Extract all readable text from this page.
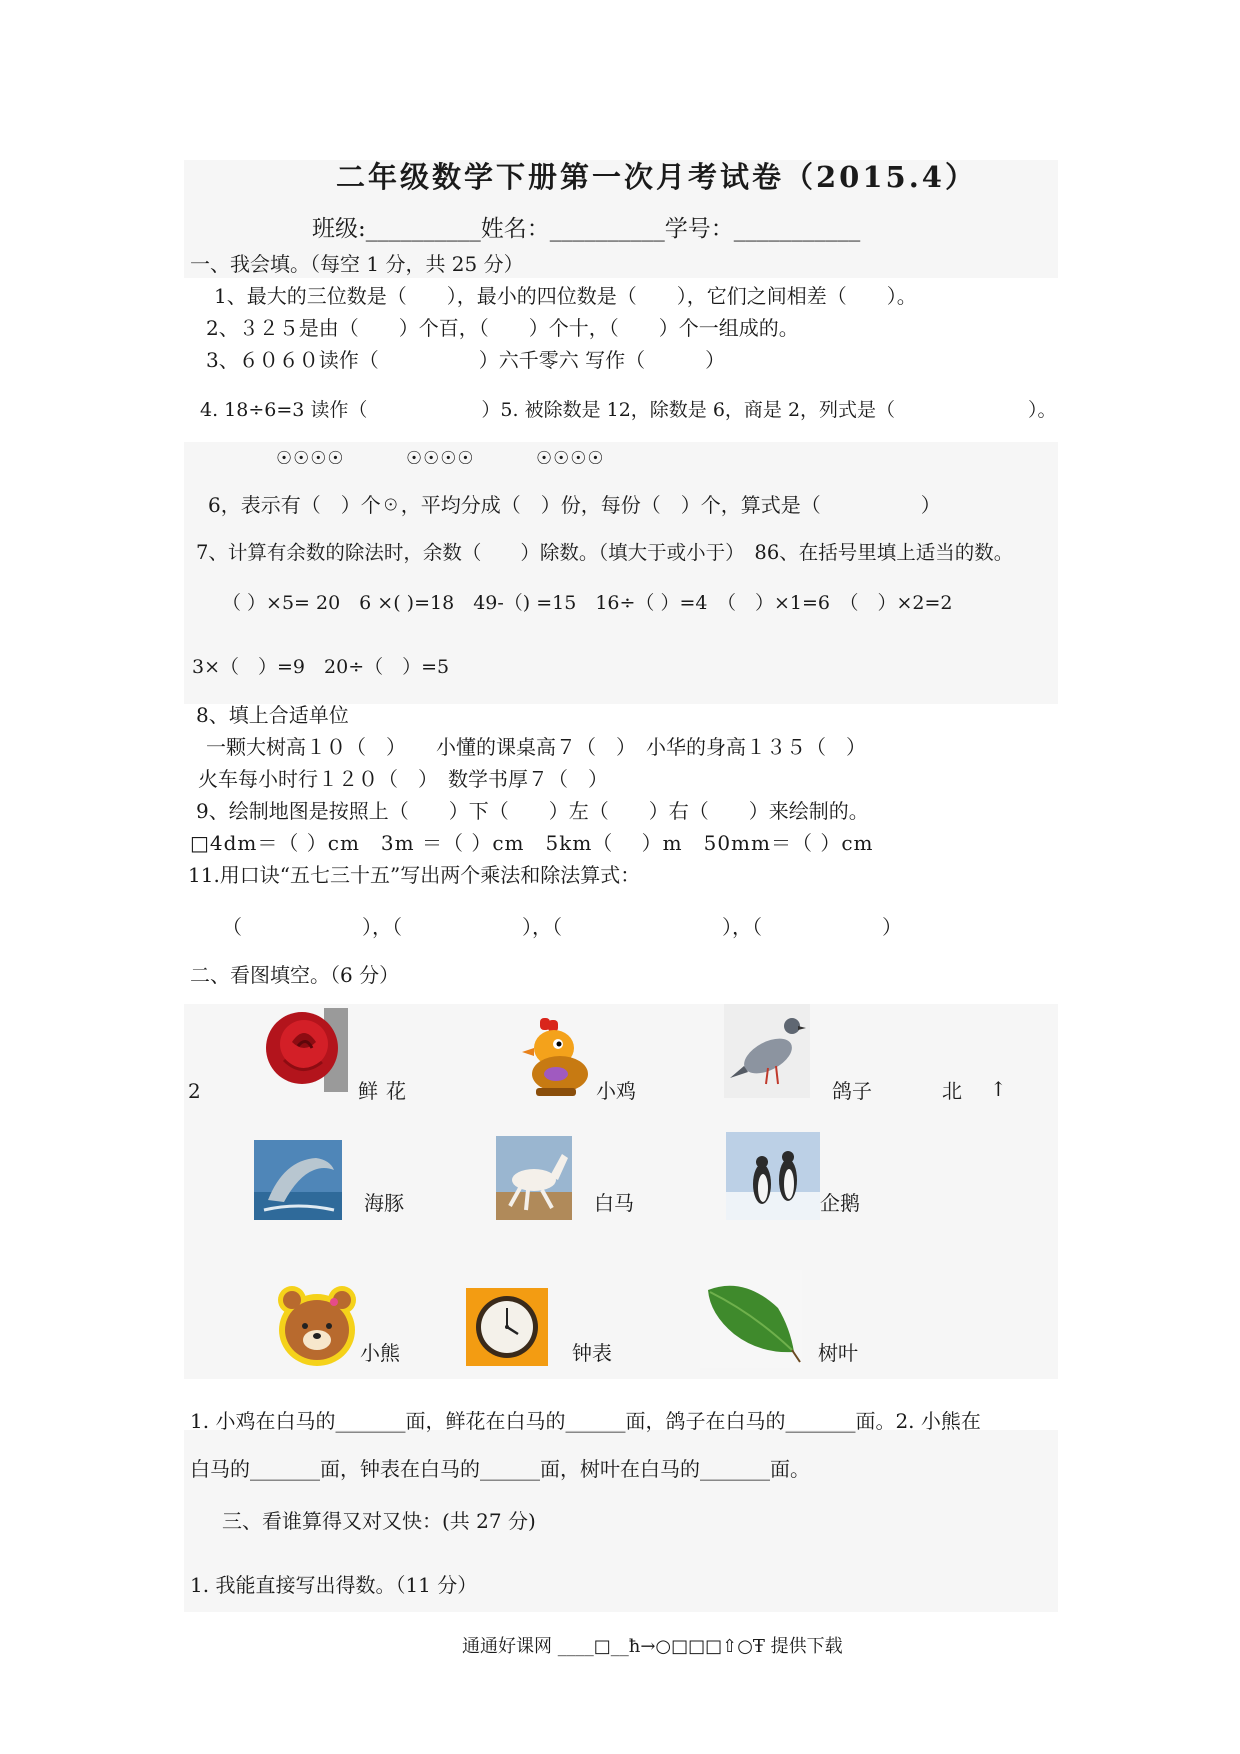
二年级数学下册第一次月考试卷（2015.4）
班级:__________姓名：__________学号：___________
一、我会填。（每空 1 分，共 25 分）
1、最大的三位数是（　　），最小的四位数是（　　），它们之间相差（　　）。
2、３２５是由（　　）个百，（　　）个十，（　　）个一组成的。
3、６０６０读作（　　　　　）六千零六 写作（　　　）
4. 18÷6=3 读作（　　　　　　）5. 被除数是 12，除数是 6，商是 2，列式是（　　　　　　　）。
☉☉☉☉	☉☉☉☉	☉☉☉☉
6，表示有（　）个☉，平均分成（　）份，每份（　）个，算式是（　　　　　）
7、计算有余数的除法时，余数（　　）除数。（填大于或小于）　86、在括号里填上适当的数。
（ ）×5= 20　6 ×( )=18　49-（) =15　16÷（ ）=4　（　）×1=6　（　）×2=2
3×（　）=9　20÷（　）=5
8、填上合适单位
一颗大树高１０（　）　　小懂的课桌高７（　）　小华的身高１３５（　）
火车每小时行１２０（　）　数学书厚７（　）
9、绘制地图是按照上（　　）下（　　）左（　　）右（　　）来绘制的。
□4dm＝（ ）cm　3m ＝（ ）cm　5km（　 ）m　50mm＝（ ）cm
11.用口诀“五七三十五”写出两个乘法和除法算式：
（　　　　　　），（　　　　　　），（　　　　　　　　），（　　　　　　）
二、看图填空。（6 分）
2	鲜花	小鸡	鸽子	北 ↑
海豚	白马	企鹅
小熊	钟表	树叶
1. 小鸡在白马的_______面，鲜花在白马的______面，鸽子在白马的_______面。2. 小熊在
白马的_______面，钟表在白马的______面，树叶在白马的_______面。
三、看谁算得又对又快：(共 27 分)
1. 我能直接写出得数。（11 分）
通通好课网 ____□__ħ→○□□□⇧○Ŧ 提供下载
